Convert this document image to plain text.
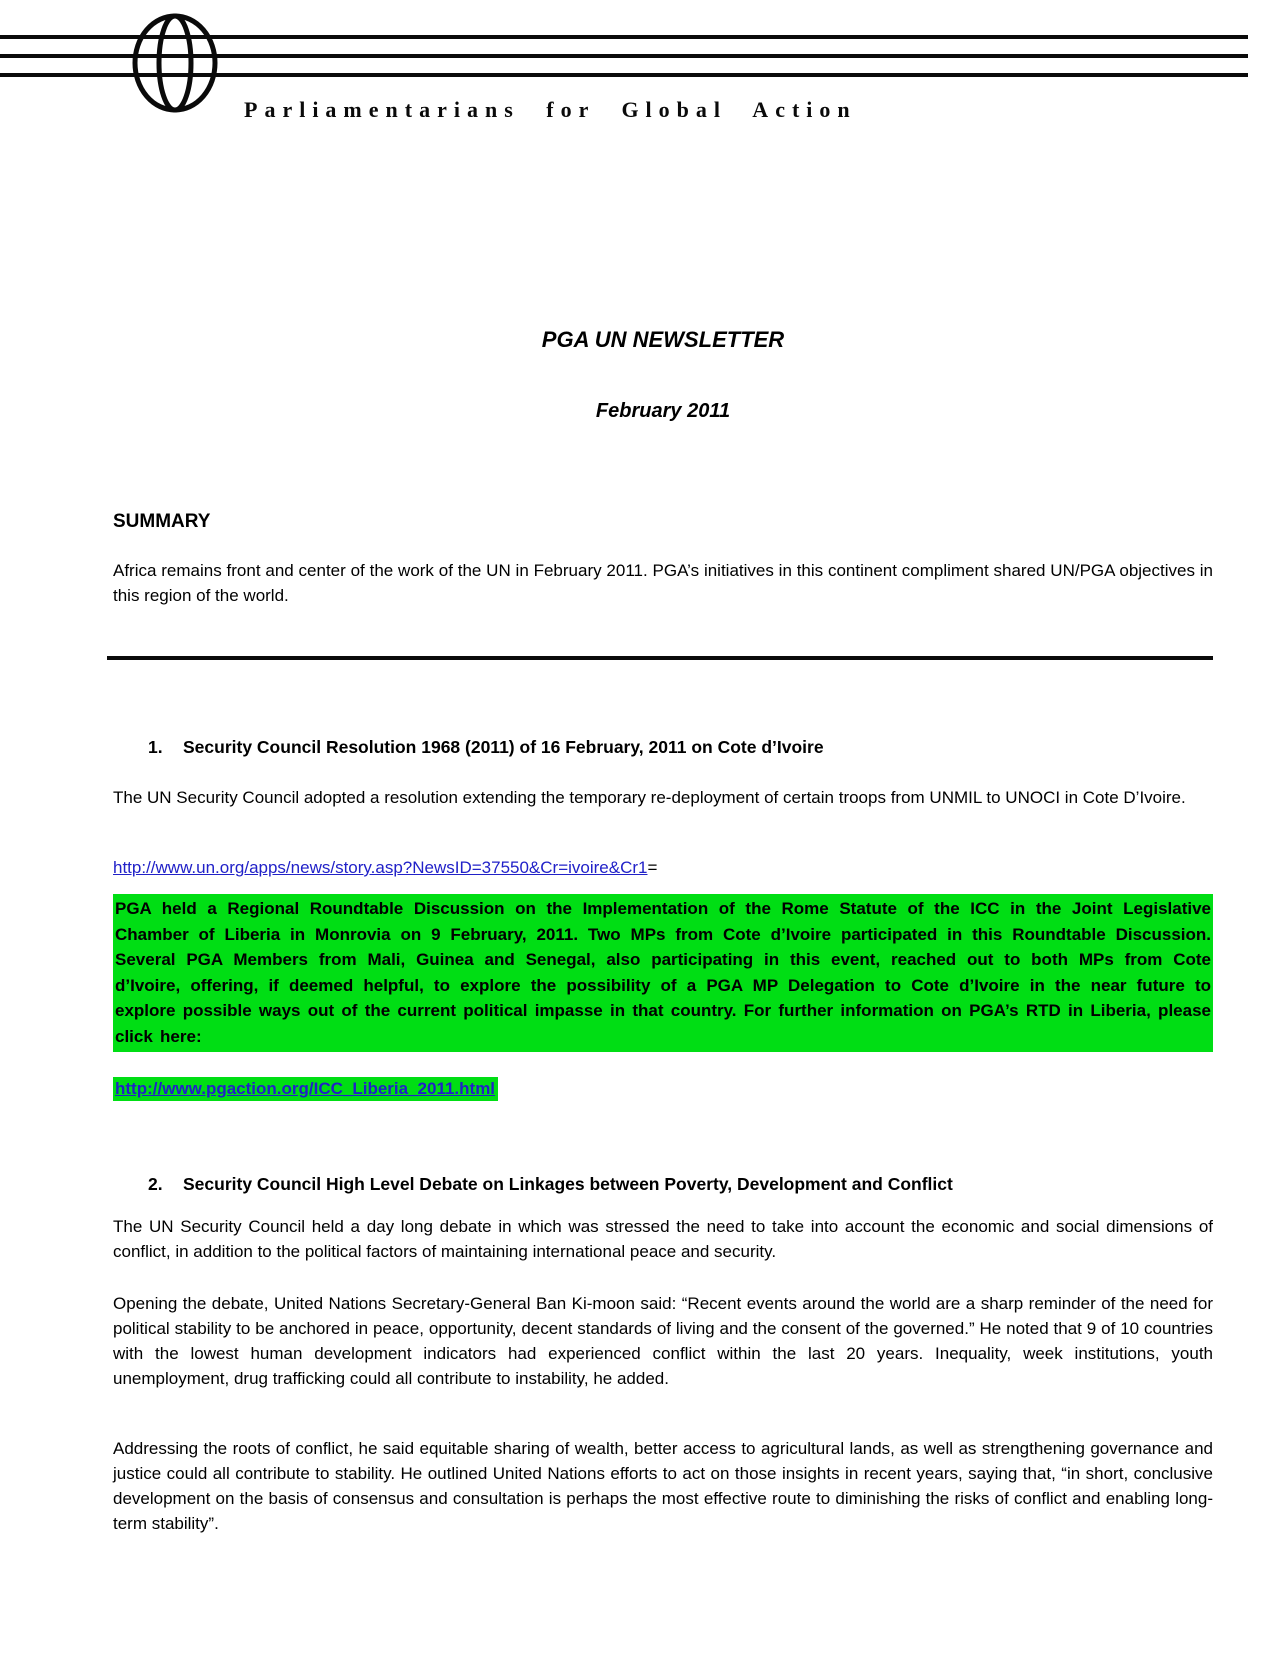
Parliamentarians for Global Action
PGA UN NEWSLETTER
February 2011
SUMMARY

Africa remains front and center of the work of the UN in February 2011. PGA’s initiatives in this continent compliment shared UN/PGA objectives in this region of the world.

1.	Security Council Resolution 1968 (2011) of 16 February, 2011 on Cote d’Ivoire

The UN Security Council adopted a resolution extending the temporary re-deployment of certain troops from UNMIL to UNOCI in Cote D’Ivoire.

http://www.un.org/apps/news/story.asp?NewsID=37550&Cr=ivoire&Cr1=

PGA held a Regional Roundtable Discussion on the Implementation of the Rome Statute of the ICC in the Joint Legislative Chamber of Liberia in Monrovia on 9 February, 2011. Two MPs from Cote d’Ivoire participated in this Roundtable Discussion. Several PGA Members from Mali, Guinea and Senegal, also participating in this event, reached out to both MPs from Cote d’Ivoire, offering, if deemed helpful, to explore the possibility of a PGA MP Delegation to Cote d’Ivoire in the near future to explore possible ways out of the current political impasse in that country. For further information on PGA’s RTD in Liberia, please click here:

http://www.pgaction.org/ICC_Liberia_2011.html
2.	Security Council High Level Debate on Linkages between Poverty, Development and Conflict

The UN Security Council held a day long debate in which was stressed the need to take into account the economic and social dimensions of conflict, in addition to the political factors of maintaining international peace and security.

Opening the debate, United Nations Secretary-General Ban Ki-moon said: “Recent events around the world are a sharp reminder of the need for political stability to be anchored in peace, opportunity, decent standards of living and the consent of the governed.” He noted that 9 of 10 countries with the lowest human development indicators had experienced conflict within the last 20 years. Inequality, week institutions, youth unemployment, drug trafficking could all contribute to instability, he added.

Addressing the roots of conflict, he said equitable sharing of wealth, better access to agricultural lands, as well as strengthening governance and justice could all contribute to stability. He outlined United Nations efforts to act on those insights in recent years, saying that, “in short, conclusive development on the basis of consensus and consultation is perhaps the most effective route to diminishing the risks of conflict and enabling long-term stability”.
